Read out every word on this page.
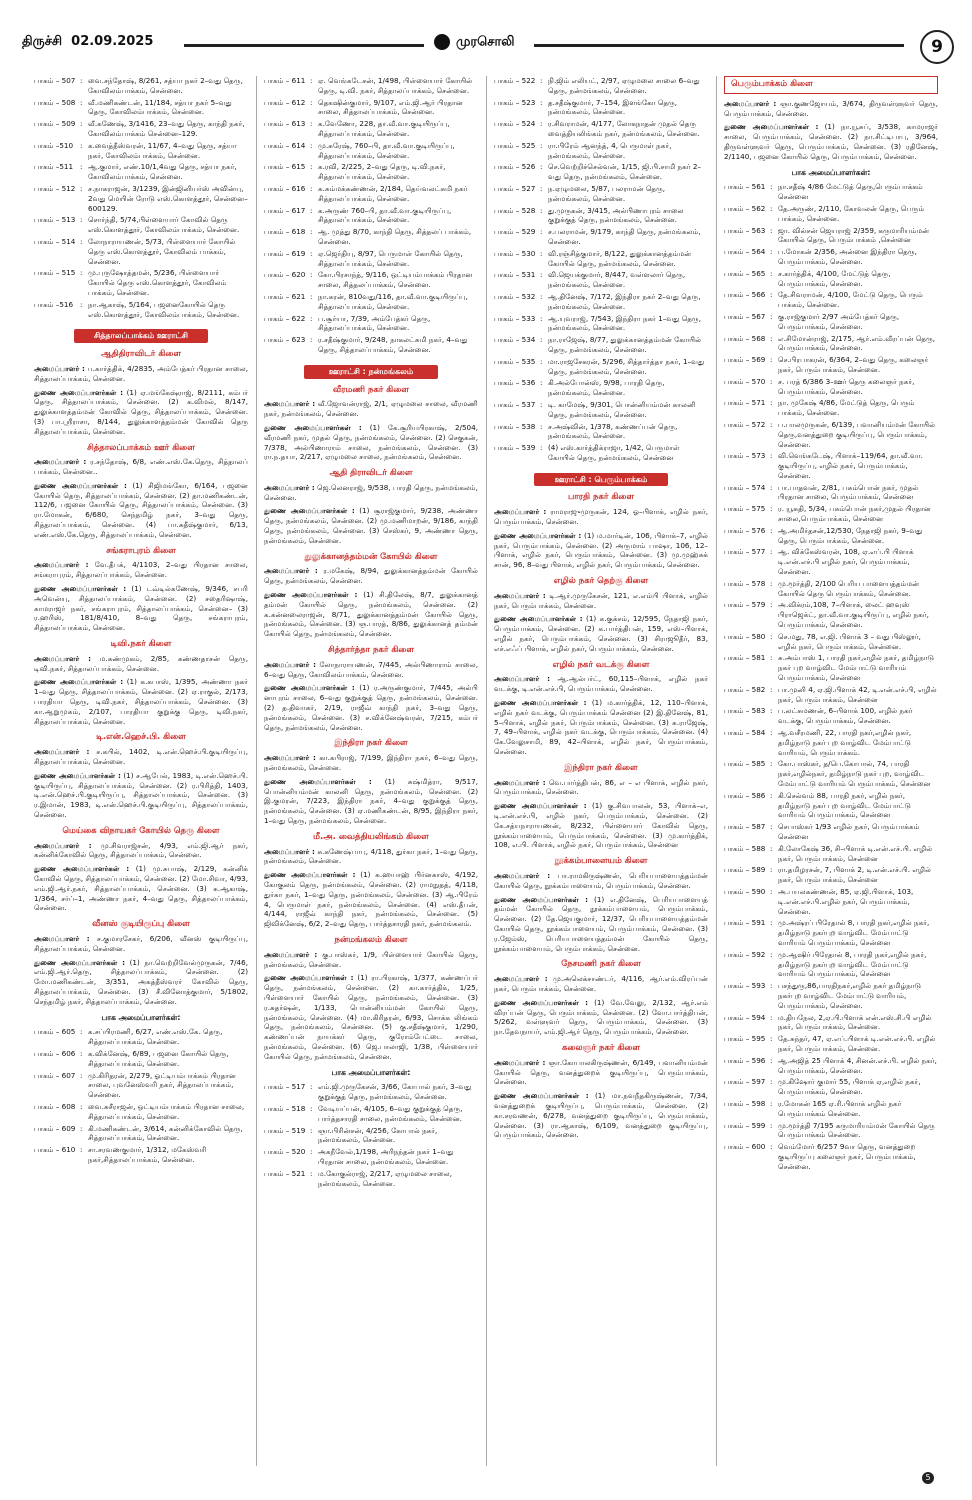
திருச்சி 02.09.2025	முரசொலி	9
பாகம் – 507 : வை.சந்தோஷ், 8/261, சத்யா நகர் 2–வது தெரு, கோவிலம்பாக்கம், சென்னை.
பாகம் – 508 : வீ.மணிகண்டன், 11/184, சத்யா நகர் 5–வது தெரு, கோவிலம்பாக்கம், சென்னை.
பாகம் – 509 : வீ.கணேஷ், 3/1416, 23–வது தெரு, காந்தி நகர், கோவிலம்பாக்கம் சென்னை–129.
பாகம் –510 : க.வைத்தீஸ்வரன், 11/67, 4–வது தெரு, சத்யா நகர், கோவிலம்பாக்கம், சென்னை.
பாகம் –511 : ஆ.குமார், எண்.10/1,4வது தெரு, சத்யா நகர், கோவிலம்பாக்கம், சென்னை.
பாகம் – 512 : ச.நாகராஜன், 3/1239, இன்ஜினியர்ஸ் அவின்யு, 2வது மெயின் ரோடு எஸ்.கொளத்தூர், சென்னை–600129.
பாகம் – 513 : சொர்ந்தி, 5/74,பிள்ளையார் கோவில் தெரு எஸ்.கொளத்தூர், கோவிலம்பாக்கம், சென்னை.
பாகம் – 514 : லோநாராயணன், 5/73, பிள்ளையார் கோயில் தெரு எஸ்.கொளத்தூர், கோவிலம் பாக்கம், சென்னை.
பாகம் – 515 : மு.புருஷோத்தமன், 5/236, பிள்ளையார் கோயில் தெரு எஸ்.கொளத்தூர், கோவிலம் பாக்கம், சென்னை.
பாகம் –516 : நா.ஆகாஷ், 5/164, பஜனைகோயில் தெரு எஸ்.கொளத்தூர், கோவிலம்பாக்கம், சென்னை.
சித்தாலப்பாக்கம் ஊராட்சி
ஆதிதிராவிடர் கிளை
அமைப்பாளர் : ப.கார்த்திக், 4/2835, அம்பேத்கர் பிரதான சாலை, சித்தாலப்பாக்கம், சென்னை.
துணை அமைப்பாளர்கள் : (1) ஏ.மங்கேஷ்ராஜ், 8/2111, கம்பர் தெரு, சித்தாலப்பாக்கம், சென்னை. (2) க.விமல், 8/147, துலுக்காளத்தம்மன் கோவில் தெரு, சித்தாலப்பாக்கம், சென்னை. (3) பா.ஸ்ரீராசா, 8/144, துலுக்காளத்தம்மன் கோவில் தெரு சித்தாலப்பாக்கம், சென்னை.
சித்தாலப்பாக்கம் ஊர் கிளை
அமைப்பாளர் : ர.சந்தோஷ், 6/8, எண்.எஸ்.கே.தெரு, சித்தாலப் பாக்கம், சென்னை..
துணை அமைப்பாளர்கள் : (1) சிஜிமங்கோ, 6/164, பஜனை கோயில் தெரு, சித்தாலப்பாக்கம், சென்னை. (2) தா.மணிகண்டன், 112/6, பஜனை கோயில் தெரு, சித்தாலப்பாக்கம், சென்னை. (3) ரா.மோகன், 6/680, செந்தமிழ் நகர், 3–வது தெரு, சித்தாலப்பாக்கம், சென்னை. (4) பா.சுதீஷ்குமார், 6/13, எண்.எஸ்.கே.தெரு, சித்தாலப்பாக்கம், சென்னை.
சங்கராபுரம் கிளை
அமைப்பாளர் : வே.தீபக், 4/1103, 2–வது பிரதான சாலை, சங்கராபுரம், சித்தாலப்பாக்கம், சென்னை.
துணை அமைப்பாளர்கள் : (1) டவ்டில்கணேஷ், 9/346, சபரி அவென்யு, சித்தாலப்பாக்கம், சென்னை. (2) சதைரிஷாஷ், காமராஜர் நகர், சங்கராபுரம், சித்தாலப்பாக்கம், சென்னை– (3) ர.ஹரிஸ், 181/8/410, 8–வது தெரு, சங்கராபுரம், சித்தாலப்பாக்கம், சென்னை.
டிவி.நகர் கிளை
அமைப்பாளர் : ம.கண்முகம், 2/85, கண்ணதாசன் தெரு, டிவி.நகர், சித்தாலப்பாக்கம், சென்னை.
துணை அமைப்பாளர்கள் : (1) க.கபாஸ், 1/395, அண்ணா நகர் 1–வது தெரு, சித்தாலப்பாக்கம், சென்னை. (2) ஏ.ராகுல், 2/173, பாரதியா தெரு, டிவி.நகர், சித்தாலப்பாக்கம், சென்னை. (3) கா.ஆறுமுகம், 2/107, பாரதியா குறுக்கு தெரு, டிவி.நகர், சித்தாலப்பாக்கம், சென்னை.
டி.என்.ஹெச்.பி. கிளை
அமைப்பாளர் : ச.கபில், 1402, டி.என்.ஹெச்.பி.குடியிருப்பு, சித்தாலப்பாக்கம், சென்னை.
துணை அமைப்பாளர்கள் : (1) ச.ஆபேல், 1983, டி.என்.ஹெச்.பி. குடியிருப்பு, சித்தாலப்பாக்கம், சென்னை. (2) ர.பிரித்தி, 1403, டி.என்.ஹெச்.பி.குடியிருப்பு, சித்தாலப்பாக்கம், சென்னை. (3) ர.இமான், 1983, டி.என்.ஹெச்.பி.குடியிருப்பு, சித்தாலப்பாக்கம், சென்னை.
மெய்கை விநாயகர் கோயில் தெரு கிளை
அமைப்பாளர் : மு.சிவராஜ்சன், 4/93, எம்.ஜி.ஆர் நகர், கன்னிக்கோவில் தெரு, சித்தாலப்பாக்கம், சென்னை.
துணை அமைப்பாளர்கள் : (1) மு.சுபாஷ், 2/129, கன்னிக் கோவில் தெரு, சித்தாலப்பாக்கம், சென்னை. (2) மோ.சிவா, 4/93, எம்.ஜி.ஆர்.நகர், சித்தாலப்பாக்கம், சென்னை. (3) சு.ஆகாஷ், 1/364, சர்ப்–1, அண்ணா நகர், 4–வது தெரு, சித்தாலப்பாக்கம், சென்னை.
வீனஸ் குடியிருப்பு கிளை
அமைப்பாளர் : ச.குமாரசேகர், 6/206, வீனஸ் குடியிருப்பு, சித்தாலப்பாக்கம், சென்னை.
துணை அமைப்பாளர்கள் : (1) நா.வெற்றிவேல்முருகன், 7/46, எம்.ஜி.ஆர்.தெரு, சித்தாலப்பாக்கம், சென்னை. (2) மோ.மணிகண்டன், 3/351, அகத்தீஸ்வரர் கோவில் தெரு, சித்தாலப்பாக்கம், சென்னை. (3) சீ.வினோத்குமார், 5/1802, செந்தமிழ் நகர், சித்தாலப்பாக்கம், சென்னை.
பாக அமைப்பாளர்கள்:
பாகம் – 605 : க.சப்பிரமணி, 6/27, எண்.எஸ்.கே. தெரு, சித்தாலப்பாக்கம், சென்னை.
பாகம் – 606 : க.விக்னேஷ், 6/89, பஜனை கோயில் தெரு, சித்தாலப்பாக்கம், சென்னை.
பாகம் – 607 : மு.கிரிதரன், 2/279, ஓட்டியம்பாக்கம் பிரதான சாலை, புவனேஸ்வரி நகர், சித்தாலப்பாக்கம், சென்னை.
பாகம் – 608 : வை.சுசீராஜன், ஒட்டியம்பாக்கம் பிரதான சாலை, சித்தாலப்பாக்கம், சென்னை.
பாகம் – 609 : கி.மணிகண்டன், 3/614, கன்னிக்கோவில் தெரு, சித்தாலப்பாக்கம், சென்னை.
பாகம் – 610 : சா.சரவணகுமார், 1/312, மகேஸ்வரி நகர்,சித்தாலப்பாக்கம், சென்னை.
பாகம் – 611 : ஏ. வெங்கடேசன், 1/498, பிள்ளையார் கோயில் தெரு, டி.வி. நகர், சித்தாலப்பாக்கம், சென்னை.
பாகம் – 612 : தெகஷின்குமார், 9/107, எம்.ஜி.ஆர் பிரதான சாலை, சித்தாலப்பாக்கம், சென்னை.
பாகம் – 613 : க.வேணோ, 228, தா.வீ.வா.குடியிருப்பு, சித்தாலப்பாக்கம், சென்னை.
பாகம் – 614 : மு.சுரேஷ், 760–பி, தா.வீ.வா.குடியிருப்பு, சித்தாலப்பாக்கம், சென்னை.
பாகம் – 615 : க.ரவி, 2/225, 2–வது தெரு, டி.வி.நகர், சித்தாலப்பாக்கம், சென்னை.
பாகம் – 616 : க.சும்மக்கண்ணன், 2/184, தெய்வலட்சுமி நகர் சித்தாலப்பாக்கம், சென்னை.
பாகம் – 617 : க.அருண் 760–பி, தா.வீ.வா.குடியிருப்பு, சித்தாலப்பாக்கம், சென்னை.
பாகம் – 618 : ஆ. முத்து 8/70, காந்தி தெரு, சித்தலப் பாக்கம், சென்னை.
பாகம் – 619 : ஏ.ஜெர்தியு, 8/97, பெருமாள் கோயில் தெரு, சித்தாலப்பாக்கம், சென்னை.
பாகம் – 620 : கோ.பிரசாந்த், 9/116, ஒட்டியம்பாக்கம் பிரதான சாலை, சித்தலப்பாக்கம், சென்னை.
பாகம் – 621 : நா.கரன், 810வது/116, தா.வீ.வா.குடியிருப்பு, சித்தாலப்பாக்கம், சென்னை.
பாகம் – 622 : ப.சூர்யா, 7/39, அம்பேத்கர் தெரு, சித்தாலப்பாக்கம், சென்னை.
பாகம் – 623 : ர.சதீஷ்குமார், 9/248, நாகலட்சுமி நகர், 4–வது தெரு, சித்தாலப்பாக்கம், சென்னை.
ஊராட்சி : நன்மங்கலம்
வீரமணி நகர் கிளை
அமைப்பாளர் : வீ.ஜோவன்ராஜ், 2/1, ஏழுமலை சாலை, வீரமணி நகர், நன்மங்கலம், சென்னை.
துணை அமைப்பாளர்கள் : (1) கே.சூரியபிரகாஷ், 2/504, வீரமணி நகர், முதல் தெரு, நன்மங்கலம், சென்னை. (2) செகுகன், 7/378, அல்பிணாராம் சாலை, நன்மங்கலம், சென்னை. (3) ரா.ந.தயா, 2/217, ஏழுமலை சாலை, நன்மங்கலம், சென்னை.
ஆதி திராவிடர் கிளை
அமைப்பாளர் : ஜெ.லெனராஜ், 9/538, பாரதி தெரு, நன்மங்கலம், சென்னை.
துணை அமைப்பாளர்கள் : (1) சூராஜ்குமார், 9/238, அண்ணா தெரு, நன்மங்கலம், சென்னை. (2) மு.மணிமாறன், 9/186, காந்தி தெரு, நன்மங்கலம், சென்னை. (3) செஸ்கர், 9, அண்ணா தெரு, நன்மங்கலம், சென்னை.
துலுக்கானத்தம்மன் கோயில் கிளை
அமைப்பாளர் : ர.மகேஷ், 8/94, துலுக்கானத்தம்மன் கோயில் தெரு, நன்மங்கலம், சென்னை.
துணை அமைப்பாளர்கள் : (1) சி.திலேஷ், 8/7, துலுக்கானத் தம்மன் கோயில் தெரு, நன்மங்கலம், சென்னை. (2) க.கன்னலைராஜன், 8/71, துலுக்கானத்தம்மன் கோயில் தெரு, நன்மங்கலம், சென்னை. (3) ஞ.பாரத், 8/86, துலுக்கானத் தம்மன் கோயில் தெரு, நன்மங்கலம், சென்னை.
சித்தார்த்தா நகர் கிளை
அமைப்பாளர் : லோநாராயணன், 7/445, அல்பிணாராம் சாலை, 6–வது தெரு, கோவிலம்பாக்கம், சென்னை.
துணை அமைப்பாளர்கள் : (1) ர.அருண்குமார், 7/445, அல்பி னாபுரம் சாலை, 6–வது குறுக்குத் தெரு, நன்மங்கலம், சென்னை. (2) த.திவாகர், 2/19, ராஜீவ் காந்தி நகர், 3–வது தெரு, நன்மங்கலம், சென்னை. (3) ச.விக்னேஷ்வரன், 7/215, கம்பர் தெரு, நன்மங்கலம், சென்னை.
இந்திரா நகர் கிளை
அமைப்பாளர் : கா.கபிராஜ், 7/199, இந்திரா நகர், 6–வது தெரு, நன்மங்கலம், சென்னை.
துணை அமைப்பாளர்கள் : (1) சுஷ்மித்ரா, 9/517, பொன்னியம்மன் காலனி தெரு, நன்மங்கலம், சென்னை. (2) இ.குமரன், 7/223, இந்திரா நகர், 4–வது குறுக்குத் தெரு, நன்மங்கலம், சென்னை. (3) ஏ.மணிகண்டன், 8/95, இந்திரா நகர், 1–வது தெரு, நன்மங்கலம், சென்னை.
மீ.அ. வைத்தியலிங்கம் கிளை
அமைப்பாளர் : சு.கணேஷ்பாபு, 4/118, துர்கா நகர், 1–வது தெரு, நன்மங்கலம், சென்னை.
துணை அமைப்பாளர்கள் : (1) சு.ஹயாஹ் பிர்னகாஸ், 4/192, கோகுலம் தெரு, நன்மங்கலம், சென்னை. (2) ராமநுதத், 4/118, துர்கா நகர், 1–வது தெரு, நன்மங்கலம், சென்னை. (3) ஆ.பிரேம் 4, பெருமாள் நகர், நன்மங்கலம், சென்னை. (4) எஸ்.தீபன், 4/144, ராஜீவ் காந்தி நகர், நன்மங்கலம், சென்னை. (5) ஜிவிக்னேஷ், 6/2, 2–வது தெரு, பார்த்தசாரதி நகர், நன்மங்கலம்.
நன்மங்கலம் கிளை
அமைப்பாளர் : கு.பாஸ்கர், 1/9, பிள்ளையார் கோயில் தெரு, நன்மங்கலம், சென்னை.
துணை அமைப்பாளர்கள் : (1) ரா.பிரகாஷ், 1/377, கண்ணப்பர் தெரு, நன்மங்கலம், சென்னை. (2) கா.கார்த்திக், 1/25, பிள்ளையார் கோயில் தெரு, நன்மங்கலம், சென்னை. (3) ர.சுதர்ஷன், 1/133, பொன்னியம்மன் கோயில் தெரு, நன்மங்கலம், சென்னை. (4) மா.கிரிதரன், 6/93, சொக்க லிங்கம் தெரு, நன்மங்கலம், சென்னை. (5) கு.சதீஷ்குமார், 1/290, கண்ணப்பன் நாயக்கர் தெரு, குரோம்பேட்டை சாலை, நன்மங்கலம், சென்னை. (6) ஜெ.பாலாஜி, 1/38, பிள்ளையார் கோயில் தெரு, நன்மங்கலம், சென்னை.
பாக அமைப்பாளர்கள்:
பாகம் – 517 : எம்.ஜி.முருகேசன், 3/66, கோபால் நகர், 3–வது குறுக்குத் தெரு, நன்மங்கலம், சென்னை.
பாகம் – 518 : வேடியப்பன், 4/105, 6–வது குறுக்குத் தெரு, பார்த்தசாரதி சாலை, நன்மங்கலம், சென்னை.
பாகம் – 519 : ஞா.பிரின்சன், 4/256, கோபால் நகர், நன்மங்கலம், சென்னை.
பாகம் – 520 : அகநீவேல்,1/198, அரிநந்தன் நகர் 1–வது பிரதான சாலை, நன்மங்கலம், சென்னை.
பாகம் – 521 : ம.கோகுல்ராஜ், 2/217, ஏழுமலை சாலை, நன்மங்கலம், சென்னை.
பாகம் – 522 : நி.ஜிம் எலியட், 2/97, ஏழுமலை சாலை 6–வது தெரு, நன்மங்கலம், சென்னை.
பாகம் – 523 : த.சதீஷ்குமார், 7–154, இளங்கோ தெரு, நன்மங்கலம், சென்னை.
பாகம் – 524 : ர.சிவராமன், 4/177, லோகநாதன் முதல் தெரு வைத்தியலிங்கம் நகர், நன்மங்கலம், சென்னை.
பாகம் – 525 : ரா.பிரேம் ஆனந்த், 4, பெருமாள் நகர், நன்மங்கலம், சென்னை.
பாகம் – 526 : செ.வெற்றிச்செல்வன், 1/15, ஜி.பி.சாமி நகர் 2–வது தெரு, நன்மங்கலம், சென்னை.
பாகம் – 527 : ந.ஏழுமலை, 5/87, பலராமன் தெரு, நன்மங்கலம், சென்னை.
பாகம் – 528 : து.முருகன், 3/415, அல்பிணாபுரம் சாலை குறுக்குத் தெரு, நன்மங்கலம், சென்னை.
பாகம் – 529 : ச.பலராமன், 9/179, காந்தி தெரு, நன்மங்கலம், சென்னை.
பாகம் – 530 : வி.ரஞ்சித்குமார், 8/122, துலுக்கானத்தம்மன் கோயில் தெரு, நன்மங்கலம், சென்னை.
பாகம் – 531 : வி.ஜெயக்குமார், 8/447, வள்ளலார் தெரு, நன்மங்கலம், சென்னை.
பாகம் – 532 : ஆ.தினேஷ், 7/172, இந்திரா நகர் 2–வது தெரு, நன்மங்கலம், சென்னை.
பாகம் – 533 : ஆ.யுவராஜ், 7/543, இந்திரா நகர் 1–வது தெரு, நன்மங்கலம், சென்னை.
பாகம் – 534 : நா.ராஜேஷ், 8/77, துலுக்கானத்தம்மன் கோயில் தெரு, நன்மங்கலம், சென்னை.
பாகம் – 535 : மா.ராஜசேகரன், 5/296, சித்தார்த்தா நகர், 1–வது தெரு, நன்மங்கலம், சென்னை.
பாகம் – 536 : கி.அல்போன்ஸ், 9/98, பாரதி தெரு, நன்மங்கலம், சென்னை.
பாகம் – 537 : டி. காமேஷ், 9/301, பொன்னியம்மன் காலனி தெரு, நன்மங்கலம், சென்னை.
பாகம் – 538 : ச.அஷ்வின், 1/378, கண்ணப்பன் தெரு, நன்மங்கலம், சென்னை.
பாகம் – 539 : (4) எஸ்.கார்த்திக்ராஜா, 1/42, பெருமாள் கோயில் தெரு, நன்மங்கலம், சென்னை
ஊராட்சி : பெரும்பாக்கம்
பாரதி நகர் கிளை
அமைப்பாளர் : ராமராஜுமுருகன், 124, ஓ–பிளாக், எழில் நகர், பெரும்பாக்கம், சென்னை.
துணை அமைப்பாளர்கள் : (1) ம.மார்டின், 106, பிளாக்–7, எழில் நகர், பெரும்பாக்கம், சென்னை. (2) அருமாம் பாஷா, 106, 12–பிளாக், எழில் நகர், பெரும்பாக்கம், சென்னை. (3) மு.முஹ்சுக் சான், 96, 8–வது பிளாக், எழில் நகர், பெரும்பாக்கம், சென்னை.
எழில் நகர் தெற்கு கிளை
அமைப்பாளர் : டி.ஆர்.முருகேசன், 121, எ.எம்பி பிளாக், எழில் நகர், பெரும்பாக்கம், சென்னை.
துணை அமைப்பாளர்கள் : (1) க.குக்சம், 12/595, நேதாஜி நகர், பெரும்பாக்கம், சென்னை. (2) க.பார்த்திபன், 159, எஸ்–பிளாக், எழில் நகர், பெரும்பாக்கம், சென்னை. (3) சிராஜூதீர், 83, எச்.எஃப் பிளாக், எழில் நகர், பெரும்பாக்கம், சென்னை.
எழில் நகர் வடக்கு கிளை
அமைப்பாளர் : ஆ.ஆல்பர்ட், 60,115–பிளாக், எழில் நகர் வடக்கு, டி.என்.எச்.பி, பெரும்பாக்கம், சென்னை.
துணை அமைப்பாளர்கள் : (1) ம.கார்த்திக், 12, 110–பிளாக், எழில் நகர் வடக்கு, பெரும்பாக்கம் சென்னை (2) இ.தினேஷ், 81, 5–பிளாக், எழில் நகர், பெரும்பாக்கம், சென்னை. (3) சு.ராஜேஷ், 7, 49–பிளாக், எழில் நகர் வடக்கு, பெரும்பாக்கம், சென்னை. (4) கே.வேலுசாமி, 89, 42–பிளாக், எழில் நகர், பெரும்பாக்கம், சென்னை.
இந்திரா நகர் கிளை
அமைப்பாளர் : வெ.பார்த்திபன், 86, எ – எ பிளாக், எழில் நகர், பெரும்பாக்கம், சென்னை.
துணை அமைப்பாளர்கள் : (1) கு.சிவபாலன், 53, பிளாக்–எ, டி.என்.எச்.பி, எழில் நகர், பெரும்பாக்கம், சென்னை. (2) கே.சத்யநாராயணன், 8/232, பிள்ளையார் கோவில் தெரு, நூக்கம்பாளையம், பெரும்பாக்கம், சென்னை. (3) மு.கார்த்திக், 108, எ.பி. பிளாக், எழில் நகர், பெரும்பாக்கம், சென்னை
நூக்கம்பாளையம் கிளை
அமைப்பாளர் : பா.ராமகிருஷ்ணன், பெரியபாளையத்தம்மன் கோயில் தெரு, நூக்கம்பாளையம், பெரும்பாக்கம், சென்னை.
துணை அமைப்பாளர்கள் : (1) எ.தினேஷ், பெரியபாளையத் தம்மன் கோயில் தெரு, நூக்கம்பாளையம், பெரும்பாக்கம், சென்னை. (2) தே.ஜெயகுமார், 12/37, பெரியபாளையத்தம்மன் கோயில் தெரு, நூக்கம்பாளையம், பெரும்பாக்கம், சென்னை. (3) ர.ஜேம்ஸ், பெரியபாளையத்தம்மன் கோயில் தெரு, நூக்கம்பாளையம், பெரும்பாக்கம், சென்னை.
நேசமணி நகர் கிளை
அமைப்பாளர் : மு.அலெக்சாண்டர், 4/116, ஆர்.எம்.விரப்பன் நகர், பெரும்பாக்கம், சென்னை.
துணை அமைப்பாளர்கள் : (1) வே.வேலு, 2/132, ஆர்.எம் விரப்பன் தெரு, பெரும்பாக்கம், சென்னை. (2) வோ.பார்த்திபன், 5/262, வள்ளுவர் தெரு, பெரும்பாக்கம், சென்னை. (3) நா.தேவநாயர், எம்.ஜி.ஆர் தெரு, பெரும்பாக்கம், சென்னை.
கலைஞர் நகர் கிளை
அமைப்பாளர் : ஞா.கோபாலகிருஷ்ணன், 6/149, பவானியம்மன் கோயில் தெரு, வனத்துறைக் குடியிருப்பு, பெரும்பாக்கம், சென்னை.
துணை அமைப்பாளர்கள் : (1) மா.நவநீதகிருஷ்ணன், 7/34, வனத்துறைக் குடியிருப்பு, பெரும்பாக்கம், சென்னை. (2) கா.சரவணன், 6/278, வனத்துறை குடியிருப்பு, பெரும்பாக்கம், சென்னை. (3) ரா.ஆகாஷ், 6/109, வனத்துறை குடியிருப்பு, பெரும்பாக்கம், சென்னை.
பெரும்பாக்கம் கிளை
அமைப்பாளர் : ஞா.குணஜோயம், 3/674, திருவள்ளுவர் தெரு, பெரும்பாக்கம், சென்னை.
துணை அமைப்பாளர்கள் : (1) நா.யூசுப், 3/538, காமராஜர் சாலை, பெரும்பாக்கம், சென்னை. (2) நா.சிட்டிபாபு, 3/964, திருவள்ளுவர் தெரு, பெரும்பாக்கம், சென்னை. (3) ரதினேஷ், 2/1140, பஜனை கோயில் தெரு, பெரும்பாக்கம், சென்னை.
பாக அமைப்பாளர்கள்:
பாகம் – 561 : நா.சதீஷ் 4/86 மேட்டுத் தெரு,பெரும்பாக்கம் சென்னை
பாகம் – 562 : தே.அருண், 2/110, கோவலன் தெரு, பெரும் பாக்கம், சென்னை.
பாகம் – 563 : ஜா. வில்சன் ஜெயராஜ் 2/359, கருமாரியம்மன் கோயில் தெரு, பெரும்பாக்கம் ,சென்னை
பாகம் – 564 : ப.மோகன் 2/356, அன்னை இந்திரா தெரு, பெரும்பாக்கம், சென்னை.
பாகம் – 565 : ச.கார்த்திக், 4/100, மேட்டுத் தெரு, பெரும்பாக்கம், சென்னை.
பாகம் – 566 : தே.சிவராமன், 4/100, மேட்டு தெரு, பெரும் பாக்கம், சென்னை.
பாகம் – 567 : கு.ராஜ்குமார் 2/97 அம்பேத்கர் தெரு, பெரும்பாக்கம், சென்னை.
பாகம் – 568 : எ.சிமோன்ராஜ், 2/175, ஆர்.எம்.வீரப்பன் தெரு, பெரும்பாக்கம், சென்னை.
பாகம் – 569 : செ.பிரபாகரன், 6/364, 2–வது தெரு, கலைஞர் நகர், பெரும்பாக்கம், சென்னை.
பாகம் – 570 : ச. பரத் 6/386 3–ஊர் தெரு கலைஞர் நகர், பெரும்பாக்கம், சென்னை.
பாகம் – 571 : நா. முகேஷ் 4/86, மேட்டுத் தெரு, பெரும் பாக்கம், சென்னை.
பாகம் – 572 : ப.பாலமுருகன், 6/139, பவானியம்மன் கோயில் தெரு,வனத்துறை குடியிருப்பு, பெரும்பாக்கம், சென்னை.
பாகம் – 573 : வி.வெங்கடேஷ், பிளாக்–119/64, தா.வீ.வா. குடியிருப்பு, எழில் நகர், பெரும்பாக்கம், சென்னை.
பாகம் – 574 : பா.பாதவன், 2/81, பசும்பொன் நகர், முதல் பிரதான சாலை, பெரும்பாக்கம், சென்னை
பாகம் – 575 : ர. யூசுதி, 5/34, பசும்பொன் நகர்,முதல் பிரதான சாலை,பெரும்பாக்கம், சென்னை
பாகம் – 576 : ஆ.அமிர்தசன்,12/530, நேதாஜி நகர், 9–வது தெரு, பெரும்பாக்கம், சென்னை.
பாகம் – 577 : ஆ. விக்கேஸ்வரன், 108, ஏ.எப்.பி பிளாக் டி.என்.எச்.பி எழில் நகர், பெரும்பாக்கம், சென்னை.
பாகம் – 578 : மு.மூர்த்தி, 2/100 பெரிய பாளையத்தம்மன் கோயில் தெரு பெரும்பாக்கம், சென்னை.
பாகம் – 579 : அ.விக்ரம்,108, 7–பிளாக், லைட் ஹவுஸ் பிராஜெக்ட், தா.வீ.வா.குடியிருப்பு, எழில் நகர், பெரும்பாக்கம், சென்னை.
பாகம் – 580 : செ.மது, 78, எ.ஜி. பிளாக் 3 – வது பிஸ்லூர், எழில் நகர், பெரும்பாக்கம், சென்னை.
பாகம் – 581 : சு.அம்பாஸ் 1, பாரதி நகர்,எழில் நகர், தமிழ்நாடு நகர் புற வாழ்விட மேம்பாட்டு வாரியம் பெரும்பாக்கம், சென்னை
பாகம் – 582 : பா.முனி 4, ஏ.ஜி.பிளாக் 42, டி.என்.எச்.பி, எழில் நகர், பெரும்பாக்கம், சென்னை
பாகம் – 583 : ப.லட்சுமணன், 6–பிளாக் 100, எழில் நகர் வடக்கு, பெரும்பாக்கம், சென்னை.
பாகம் – 584 : ஆ.வசீரமணி, 22, பாரதி நகர்,எழில் நகர், தமிழ்நாடு நகர் புற வாழ்விட மேம்பாட்டு வாரியம், பெரும்பாக்கம்.
பாகம் – 585 : கோ.பாஸ்கர், த/பெ.கோபால், 74, பாரதி நகர்,எழில்நகர், தமிழ்நாடு நகர் புற, வாழ்விட மேம்பாட்டு வாரியம் பெரும்பாக்கம், சென்னை
பாகம் – 586 : கி.செல்வம் 88, பாரதி நகர், எழில் நகர், தமிழ்நாடு நகர் புற வாழ்விட மேம்பாட்டு வாரியம் பெரும்பாக்கம், சென்னை
பாகம் – 587 : செபாஸ்கர் 1/93 எழில் நகர், பெரும்பாக்கம் சென்னை
பாகம் – 588 : கி.லோகேஷ் 36, சி–பிளாக் டி.என்.எச்.பி. எழில் நகர், பெரும்பாக்கம், சென்னை
பாகம் – 589 : ரா.தமிழரசன், 7, பிளாக் 2, டி.என்.எச்.பி. எழில் நகர், பெரும்பாக்கம், சென்னை
பாகம் – 590 : அ.பயலகண்ணன், 85, ஏ.ஜி.பிளாக், 103, டி.என்.எச்.பி.எழில் நகர், பெரும்பாக்கம், சென்னை.
பாகம் – 591 : மு.அஷ்ரப் பிரேதால் 8, பாரதி நகர்,எழில் நகர், தமிழ்நாடு நகர்புற வாழ்விட மேம்பாட்டு வாரியம் பெரும்பாக்கம், சென்னை
பாகம் – 592 : மு.ஆஷிர் பிரேதால் 8, பாரதி நகர்,எழில் நகர், தமிழ்நாடு நகர்புற வாழ்விட மேம்பாட்டு வாரியம் பெரும்பாக்கம், சென்னை
பாகம் – 593 : பசந்துரு,86,பாரதிநகர்,எழில் நகர் தமிழ்நாடு நகர்புற வாழ்விட மேம்பாட்டு வாரியம், பெரும்பாக்கம், சென்னை.
பாகம் – 594 : ம.தியநேல, 2,ஏ.பி.பிளாக் என்.எஸ்.சி.பி எழில் நகர், பெரும்பாக்கம், சென்னை.
பாகம் – 595 : தே.சுந்தர், 47, ஏ.எப்.பிளாக் டி.என்.எச்.பி. எழில் நகர், பெரும்பாக்கம், சென்னை.
பாகம் – 596 : ஆ.அஜித் 25 பிளாக் 4, சினன்.எச்.பி. எழில் நகர், பெரும்பாக்கம், சென்னை.
பாகம் – 597 : மு.கிஷோர் குமார் 55, பிளாக் ஏ,எழில் நகர், பெரும்பாக்கம், சென்னை.
பாகம் – 598 : ர.மோகன் 165 ஏ.ரி.பிளாக் எழில் நகர் பெரும்பாக்கம் சென்னை.
பாகம் – 599 : மு.மூர்த்தி 7/195 கருமாரியம்மன் கோயில் தெரு பெரும்பாக்கம் சென்னை.
பாகம் – 600 : வெம்மோர் 6/257 9வா தெரு, வனத்துறை குடியிருப்பு கலைஞர் நகர், பெரும்பாக்கம், சென்னை.
5
